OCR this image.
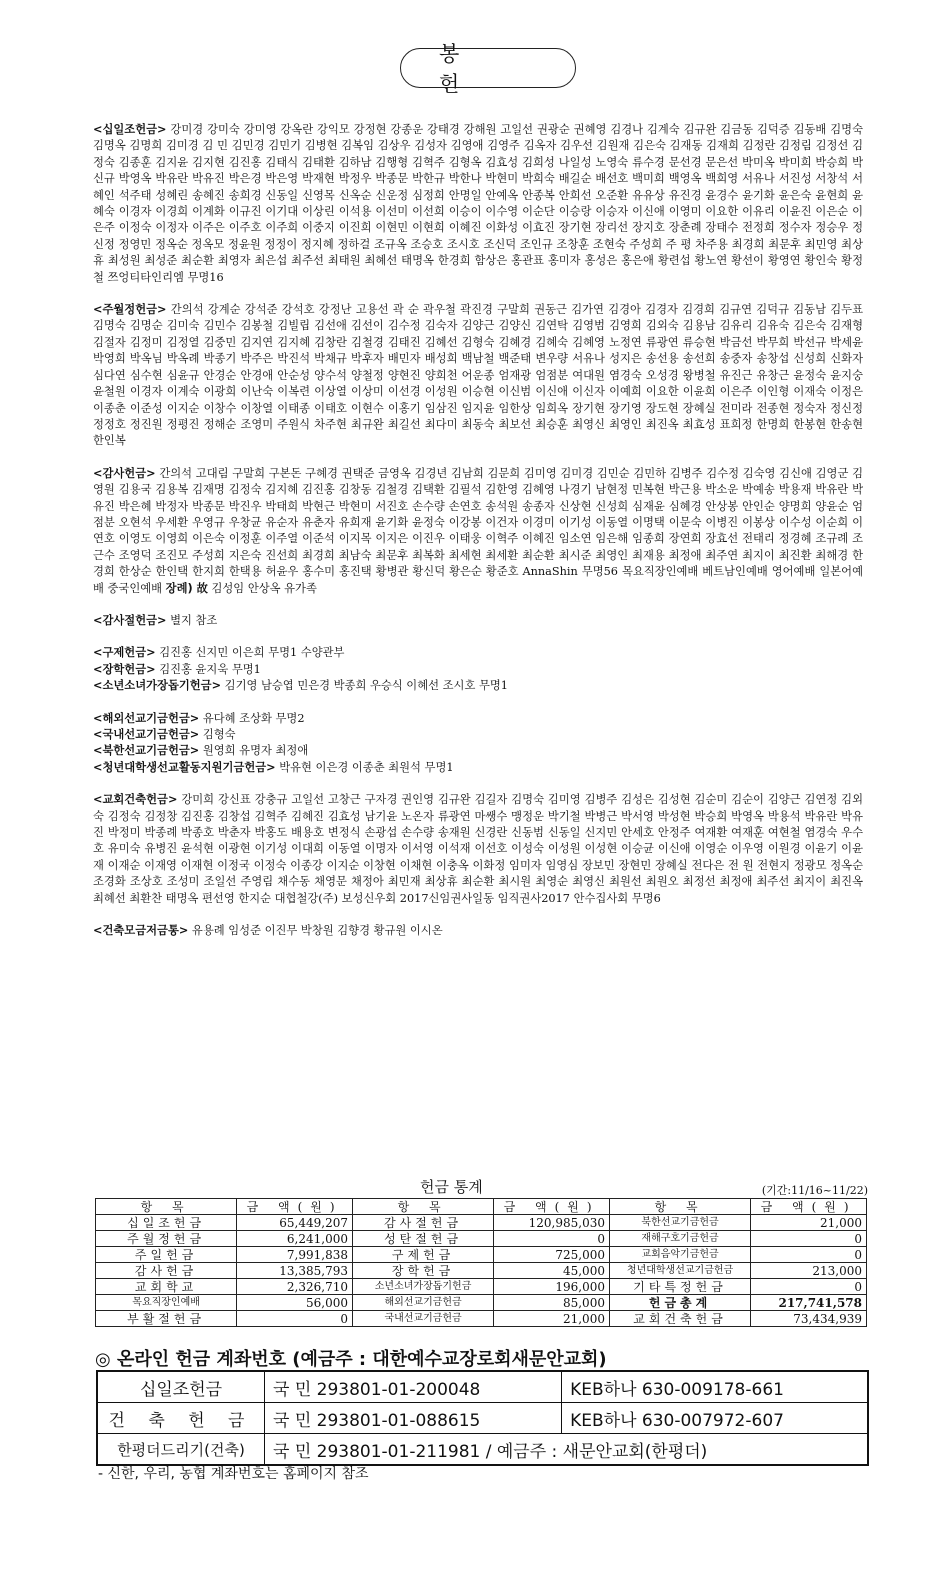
봉 헌
<십일조헌금> 강미경 강미숙 강미영 강옥란 강익모 강정현 강종운 강태경 강해원 고일선 권광순 권혜영 김경나 김계숙 김규완 김금동 김덕증 김동배 김명숙 김명옥 김명희 김미경 김 민 김민경 김민기 김병현 김복임 김상우 김성자 김영애 김영주 김옥자 김우선 김원재 김은숙 김재동 김재희 김정란 김정림 김정선 김정숙 김종훈 김지윤 김지현 김진홍 김태식 김태환 김하남 김행형 김혁주 김형옥 김효성 김희성 나일성 노영숙 류수경 문선경 문은선 박미옥 박미희 박승희 박신규 박영옥 박유란 박유진 박은경 박은영 박재현 박정우 박종문 박한규 박한나 박현미 박희숙 배길순 배선호 백미희 백영옥 백희영 서유나 서진성 서창석 서혜인 석주태 성혜린 송혜진 송희경 신동일 신영목 신옥순 신운정 심정희 안명일 안예옥 안종복 안희선 오준환 유유상 유진경 윤경수 윤기화 윤은숙 윤현희 윤혜숙 이경자 이경희 이계화 이규진 이기대 이상린 이석용 이선미 이선희 이승이 이수영 이순단 이승랑 이승자 이신애 이영미 이요한 이유리 이윤진 이은순 이은주 이정숙 이정자 이주은 이주호 이주희 이중지 이진희 이현민 이현희 이혜진 이화성 이효진 장기현 장리선 장지호 장춘례 장태수 전정희 정수자 정승우 정신정 정영민 정옥순 정옥모 정윤원 정정이 정지혜 정하걸 조규옥 조승호 조시호 조신덕 조인규 조창훈 조현숙 주성희 주 평 차주용 최경희 최문후 최민영 최상휴 최성원 최성준 최순환 최영자 최은섭 최주선 최태원 최혜선 태명옥 한경희 함상은 홍관표 홍미자 홍성은 홍은애 황련섭 황노연 황선이 황영연 황인숙 황정철 쯔엉티타인리엠 무명16
<주월정헌금> 간의석 강계순 강석준 강석호 강정난 고용선 곽 순 곽우철 곽진경 구말희 권동근 김가연 김경아 김경자 김경희 김규연 김덕규 김동남 김두표 김명숙 김명순 김미숙 김민수 김봉철 김빌립 김선애 김선이 김수정 김숙자 김양근 김양신 김연탁 김영범 김영희 김외숙 김용남 김유리 김유숙 김은숙 김재형 김절자 김정미 김정열 김중민 김지연 김지혜 김창란 김철경 김태진 김혜선 김형숙 김혜경 김혜숙 김혜영 노정연 류광연 류승현 박금선 박무희 박선규 박세윤 박영희 박옥님 박옥례 박종기 박주은 박진석 박채규 박후자 배민자 배성희 백남철 백준태 변우량 서유나 성지은 송선용 송선희 송중자 송창섭 신성희 신화자 심다연 심수현 심윤규 안경순 안경애 안순성 양수석 양철정 양현진 양희천 어운종 엄재광 엄점분 여대원 염경숙 오성경 왕병철 유진근 유창근 윤정숙 윤지숭 윤철원 이경자 이계숙 이광희 이난숙 이복련 이상열 이상미 이선경 이성원 이승현 이신범 이신애 이신자 이예희 이요한 이윤희 이은주 이인형 이재숙 이정은 이종춘 이준성 이지순 이창수 이창열 이태종 이태호 이현수 이홍기 임삼진 임지윤 임한상 임희옥 장기현 장기영 장도현 장혜실 전미라 전종현 정숙자 정신정 정정호 정진원 정평진 정해순 조영미 주원식 차주현 최규완 최길선 최다미 최동숙 최보선 최승훈 최영신 최영인 최진옥 최효성 표희정 한명희 한봉현 한송현 한인복
<감사헌금> 간의석 고대림 구말희 구본돈 구혜경 권택준 금영옥 김경년 김남희 김문희 김미영 김미경 김민순 김민하 김병주 김수정 김숙영 김신애 김영군 김영원 김용국 김용복 김재명 김정숙 김지혜 김진홍 김창동 김철경 김택환 김필석 김한영 김혜영 나경기 남현정 민복현 박근용 박소운 박예송 박용재 박유란 박유진 박은혜 박정자 박종문 박진우 박태희 박현근 박현미 서진호 손수량 손연호 송석원 송종자 신상현 신성희 심재윤 심혜경 안상봉 안인순 양명희 양윤순 엄점분 오현석 우세환 우영규 우창균 유순자 유춘자 유희재 윤기화 윤정숙 이강봉 이건자 이경미 이기성 이동열 이명택 이문숙 이병진 이봉상 이수성 이순희 이연호 이영도 이영희 이은숙 이정훈 이주열 이준석 이지목 이지은 이진우 이태웅 이혁주 이혜진 임소연 임은해 임종희 장연희 장효선 전태리 정경혜 조규례 조근수 조영덕 조진모 주성희 지은숙 진선희 최경희 최남숙 최문후 최복화 최세현 최세환 최순환 최시준 최영인 최재용 최정애 최주연 최지이 최진환 최해경 한경희 한상순 한인택 한지희 한택용 허윤우 홍수미 홍진택 황병관 황신덕 황은순 황준호 AnnaShin 무명56 목요직장인예배 베트남인예배 영어예배 일본어예배 중국인예배 장례) 故 김성임 안상옥 유가족
<감사절헌금> 별지 참조
<구제헌금> 김진홍 신지민 이은희 무명1 수양관부
<장학헌금> 김진홍 윤지욱 무명1
<소년소녀가장돕기헌금> 김기영 남승엽 민은경 박종희 우승식 이혜선 조시호 무명1
<해외선교기금헌금> 유다혜 조상화 무명2
<국내선교기금헌금> 김형숙
<북한선교기금헌금> 원영희 유명자 최정애
<청년대학생선교활동지원기금헌금> 박유현 이은경 이종춘 최원석 무명1
<교회건축헌금> 강미희 강신표 강충규 고일선 고창근 구자경 권인영 김규완 김길자 김명숙 김미영 김병주 김성은 김성현 김순미 김순이 김양근 김연정 김외숙 김정숙 김정창 김진홍 김창섭 김혁주 김혜진 김효성 남기윤 노온자 류광연 마쌩수 맹정운 박기철 박병근 박서영 박성현 박승희 박영옥 박용석 박유란 박유진 박정미 박종례 박종호 박춘자 박홍도 배용호 변정식 손광섭 손수량 송재원 신경란 신동범 신동일 신지민 안세호 안정주 여재환 여재훈 여현철 염경숙 우수호 유미숙 유병진 윤석현 이광현 이기성 이대희 이동열 이명자 이서영 이석재 이선호 이성숙 이성원 이성현 이승균 이신애 이영순 이우영 이원경 이윤기 이윤재 이재순 이재영 이재현 이정국 이정숙 이종강 이지순 이창현 이채현 이충옥 이화정 임미자 임영심 장보민 장현민 장혜실 전다은 전 원 전현지 정광모 정옥순 조경화 조상호 조성미 조일선 주영림 채수동 채영문 채정아 최민재 최상휴 최순환 최시원 최영순 최영신 최원선 최원오 최정선 최정애 최주선 최지이 최진옥 최혜선 최환찬 태명옥 편선영 한지순 대협철강(주) 보성신우회 2017신임권사일동 임직권사2017 안수집사회 무명6
<건축모금저금통> 유용례 임성준 이진무 박창원 김향경 황규원 이시온
헌금 통계	(기간:11/16~11/22)
항 목	금 액(원)	항 목	금 액(원)	항 목	금 액(원)
십일조헌금	65,449,207	감사절헌금	120,985,030	북한선교기금헌금	21,000
주월정헌금	6,241,000	성탄절헌금	0	재해구호기금헌금	0
주일헌금	7,991,838	구제헌금	725,000	교회음악기금헌금	0
감사헌금	13,385,793	장학헌금	45,000	청년대학생선교기금헌금	213,000
교회학교	2,326,710	소년소녀가장돕기헌금	196,000	기타특정헌금	0
목요직장인예배	56,000	해외선교기금헌금	85,000	헌금총계	217,741,578
부활절헌금	0	국내선교기금헌금	21,000	교회건축헌금	73,434,939
◎ 온라인 헌금 계좌번호 (예금주 : 대한예수교장로회새문안교회)
십일조헌금	국 민 293801-01-200048	KEB하나 630-009178-661
건 축 헌 금	국 민 293801-01-088615	KEB하나 630-007972-607
한평더드리기(건축)	국 민 293801-01-211981 / 예금주 : 새문안교회(한평더)	
- 신한, 우리, 농협 계좌번호는 홈페이지 참조
